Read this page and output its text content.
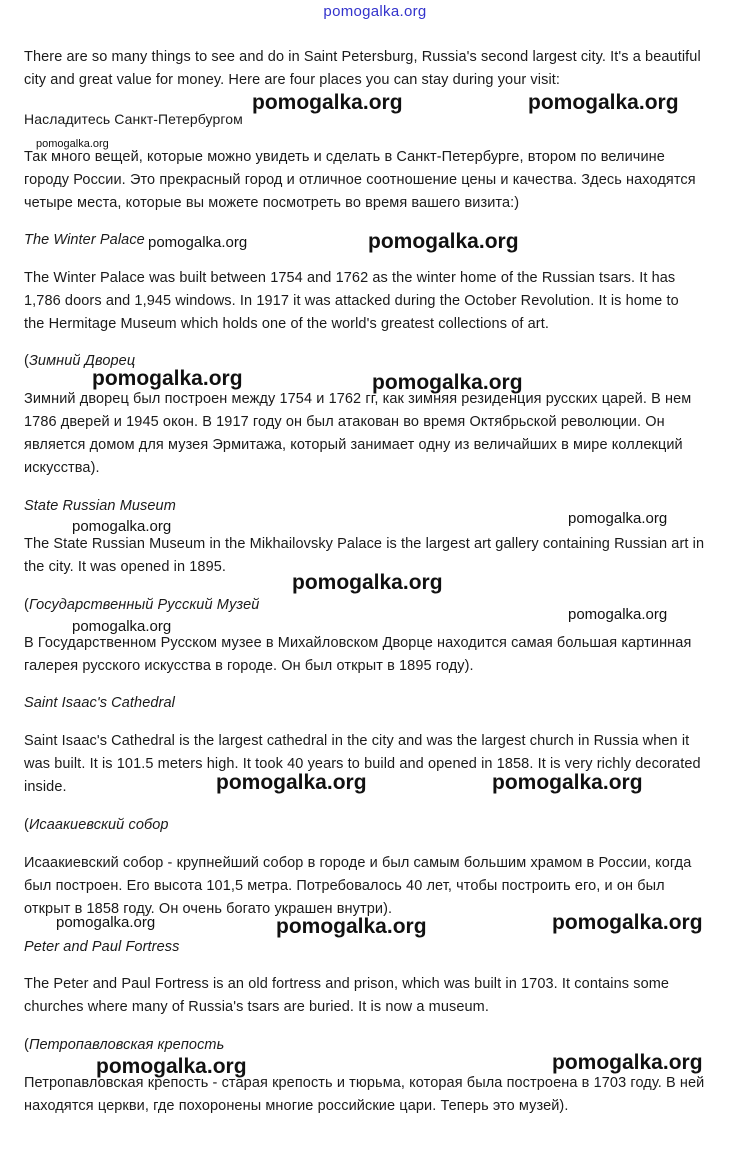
pomogalka.org
There are so many things to see and do in Saint Petersburg, Russia's second largest city. It's a beautiful
city and great value for money. Here are four places you can stay during your visit:
Насладитесь Санкт-Петербургом
Так много вещей, которые можно увидеть и сделать в Санкт-Петербурге, втором по величине
городу России. Это прекрасный город и отличное соотношение цены и качества. Здесь находятся
четыре места, которые вы можете посмотреть во время вашего визита:)
The Winter Palace
The Winter Palace was built between 1754 and 1762 as the winter home of the Russian tsars. It has
1,786 doors and 1,945 windows. In 1917 it was attacked during the October Revolution. It is home to
the Hermitage Museum which holds one of the world's greatest collections of art.
(Зимний Дворец
Зимний дворец был построен между 1754 и 1762 гг, как зимняя резиденция русских царей. В нем
1786 дверей и 1945 окон. В 1917 году он был атакован во время Октябрьской революции. Он
является домом для музея Эрмитажа, который занимает одну из величайших в мире коллекций
искусства).
State Russian Museum
The State Russian Museum in the Mikhailovsky Palace is the largest art gallery containing Russian art in
the city. It was opened in 1895.
(Государственный Русский Музей
В Государственном Русском музее в Михайловском Дворце находится самая большая картинная
галерея русского искусства в городе. Он был открыт в 1895 году).
Saint Isaac's Cathedral
Saint Isaac's Cathedral is the largest cathedral in the city and was the largest church in Russia when it
was built. It is 101.5 meters high. It took 40 years to build and opened in 1858. It is very richly decorated
inside.
(Исаакиевский собор
Исаакиевский собор - крупнейший собор в городе и был самым большим храмом в России, когда
был построен. Его высота 101,5 метра. Потребовалось 40 лет, чтобы построить его, и он был
открыт в 1858 году. Он очень богато украшен внутри).
Peter and Paul Fortress
The Peter and Paul Fortress is an old fortress and prison, which was built in 1703. It contains some
churches where many of Russia's tsars are buried. It is now a museum.
(Петропавловская крепость
Петропавловская крепость - старая крепость и тюрьма, которая была построена в 1703 году. В ней
находятся церкви, где похоронены многие российские цари. Теперь это музей).
pomogalka.org	pomogalka.org
pomogalka.org
pomogalka.org	pomogalka.org
pomogalka.org	pomogalka.org
pomogalka.org	pomogalka.org
pomogalka.org
pomogalka.org
pomogalka.org
pomogalka.org	pomogalka.org
pomogalka.org	pomogalka.org	pomogalka.org
pomogalka.org	pomogalka.org
